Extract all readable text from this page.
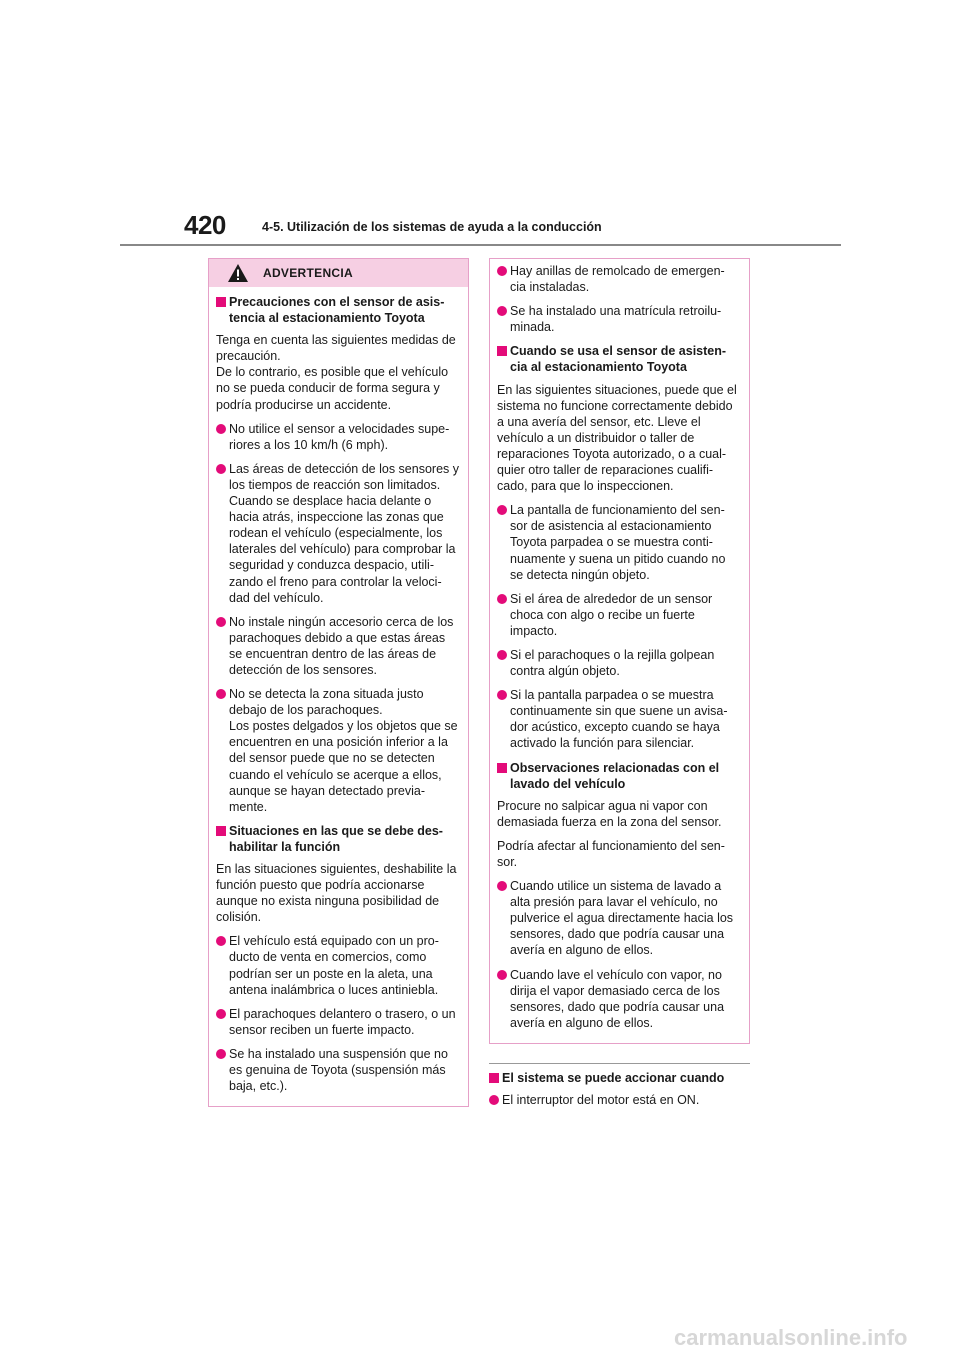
420	4-5. Utilización de los sistemas de ayuda a la conducción
ADVERTENCIA
Precauciones con el sensor de asis- tencia al estacionamiento Toyota

Tenga en cuenta las siguientes medidas de precaución.

De lo contrario, es posible que el vehículo no se pueda conducir de forma segura y podría producirse un accidente.

No utilice el sensor a velocidades supe- riores a los 10 km/h (6 mph).
Las áreas de detección de los sensores y los tiempos de reacción son limitados. Cuando se desplace hacia delante o hacia atrás, inspeccione las zonas que rodean el vehículo (especialmente, los laterales del vehículo) para comprobar la seguridad y conduzca despacio, utili- zando el freno para controlar la veloci- dad del vehículo.
No instale ningún accesorio cerca de los parachoques debido a que estas áreas se encuentran dentro de las áreas de detección de los sensores.
No se detecta la zona situada justo debajo de los parachoques.
Los postes delgados y los objetos que se encuentren en una posición inferior a la del sensor puede que no se detecten cuando el vehículo se acerque a ellos, aunque se hayan detectado previa- mente.
Situaciones en las que se debe des- habilitar la función

En las situaciones siguientes, deshabilite la función puesto que podría accionarse aunque no exista ninguna posibilidad de colisión.

El vehículo está equipado con un pro- ducto de venta en comercios, como podrían ser un poste en la aleta, una antena inalámbrica o luces antiniebla.
El parachoques delantero o trasero, o un sensor reciben un fuerte impacto.
Se ha instalado una suspensión que no es genuina de Toyota (suspensión más baja, etc.).
Hay anillas de remolcado de emergen- cia instaladas.
Se ha instalado una matrícula retroilu- minada.
Cuando se usa el sensor de asisten- cia al estacionamiento Toyota

En las siguientes situaciones, puede que el sistema no funcione correctamente debido a una avería del sensor, etc. Lleve el vehículo a un distribuidor o taller de reparaciones Toyota autorizado, o a cual- quier otro taller de reparaciones cualifi- cado, para que lo inspeccionen.

La pantalla de funcionamiento del sen- sor de asistencia al estacionamiento Toyota parpadea o se muestra conti- nuamente y suena un pitido cuando no se detecta ningún objeto.
Si el área de alrededor de un sensor choca con algo o recibe un fuerte impacto.
Si el parachoques o la rejilla golpean contra algún objeto.
Si la pantalla parpadea o se muestra continuamente sin que suene un avisa- dor acústico, excepto cuando se haya activado la función para silenciar.
Observaciones relacionadas con el lavado del vehículo

Procure no salpicar agua ni vapor con demasiada fuerza en la zona del sensor.

Podría afectar al funcionamiento del sen- sor.

Cuando utilice un sistema de lavado a alta presión para lavar el vehículo, no pulverice el agua directamente hacia los sensores, dado que podría causar una avería en alguno de ellos.
Cuando lave el vehículo con vapor, no dirija el vapor demasiado cerca de los sensores, dado que podría causar una avería en alguno de ellos.
El sistema se puede accionar cuando
El interruptor del motor está en ON.
carmanualsonline.info
